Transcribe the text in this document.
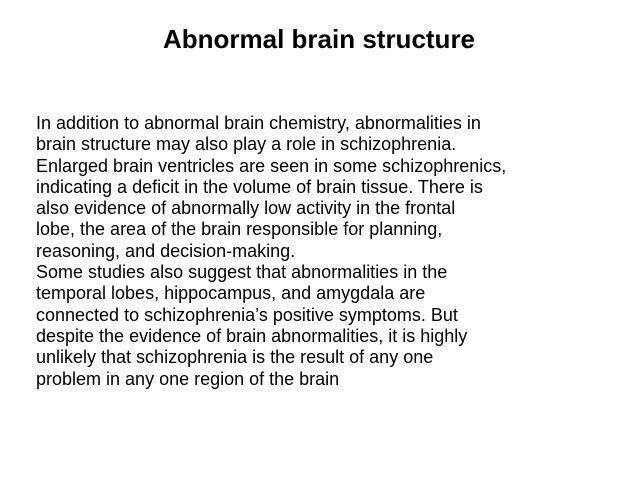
Abnormal brain structure
In addition to abnormal brain chemistry, abnormalities in
brain structure may also play a role in schizophrenia.
Enlarged brain ventricles are seen in some schizophrenics,
indicating a deficit in the volume of brain tissue. There is
also evidence of abnormally low activity in the frontal
lobe, the area of the brain responsible for planning,
reasoning, and decision-making.
Some studies also suggest that abnormalities in the
temporal lobes, hippocampus, and amygdala are
connected to schizophrenia’s positive symptoms. But
despite the evidence of brain abnormalities, it is highly
unlikely that schizophrenia is the result of any one
problem in any one region of the brain
